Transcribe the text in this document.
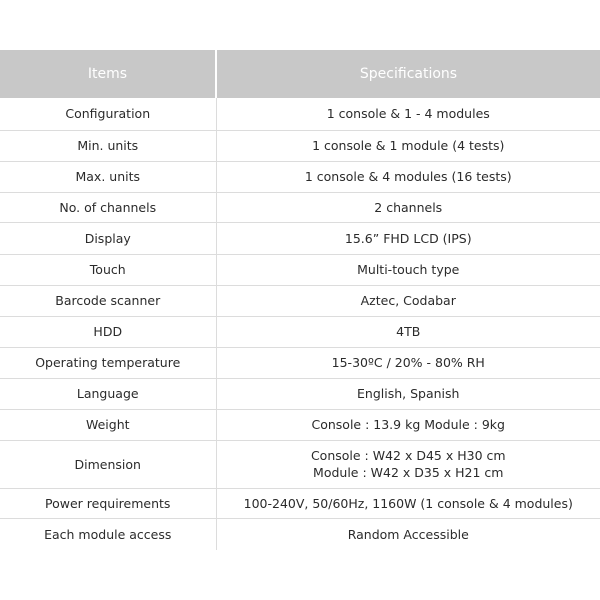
Items	Specifications
Configuration	1 console & 1 - 4 modules

Min. units	1 console & 1 module (4 tests)

Max. units	1 console & 4 modules (16 tests)

No. of channels	2 channels

Display	15.6” FHD LCD (IPS)

Touch	Multi-touch type

Barcode scanner	Aztec, Codabar

HDD	4TB

Operating temperature	15-30ºC / 20% - 80% RH

Language	English, Spanish

Weight	Console : 13.9 kg Module : 9kg

Dimension	Console : W42 x D45 x H30 cm
Module : W42 x D35 x H21 cm

Power requirements	100-240V, 50/60Hz, 1160W (1 console & 4 modules)

Each module access	Random Accessible
